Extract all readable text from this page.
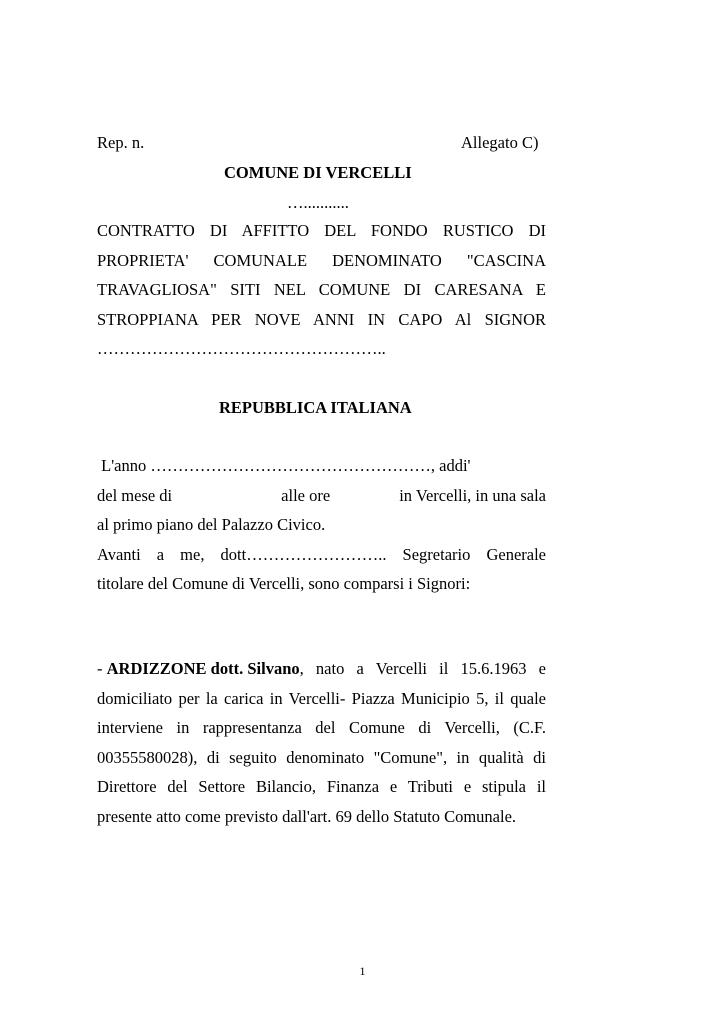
Rep. n.	Allegato C)
COMUNE DI VERCELLI
…...........
CONTRATTO DI AFFITTO DEL FONDO RUSTICO DI
PROPRIETA' COMUNALE DENOMINATO "CASCINA
TRAVAGLIOSA" SITI NEL COMUNE DI CARESANA E
STROPPIANA PER NOVE ANNI IN CAPO Al SIGNOR
……………………………………………..
REPUBBLICA ITALIANA
L'anno ……………………………………………, addi'
del mese di	alle ore	in Vercelli, in una sala
al primo piano del Palazzo Civico.
Avanti a me, dott…………………….. Segretario Generale
titolare del Comune di Vercelli, sono comparsi i Signori:
- ARDIZZONE dott. Silvano , nato a Vercelli il 15.6.1963 e
domiciliato per la carica in Vercelli- Piazza Municipio 5, il quale
interviene in rappresentanza del Comune di Vercelli, (C.F.
00355580028), di seguito denominato "Comune", in qualità di
Direttore del Settore Bilancio, Finanza e Tributi e stipula il
presente atto come previsto dall'art. 69 dello Statuto Comunale.
1
